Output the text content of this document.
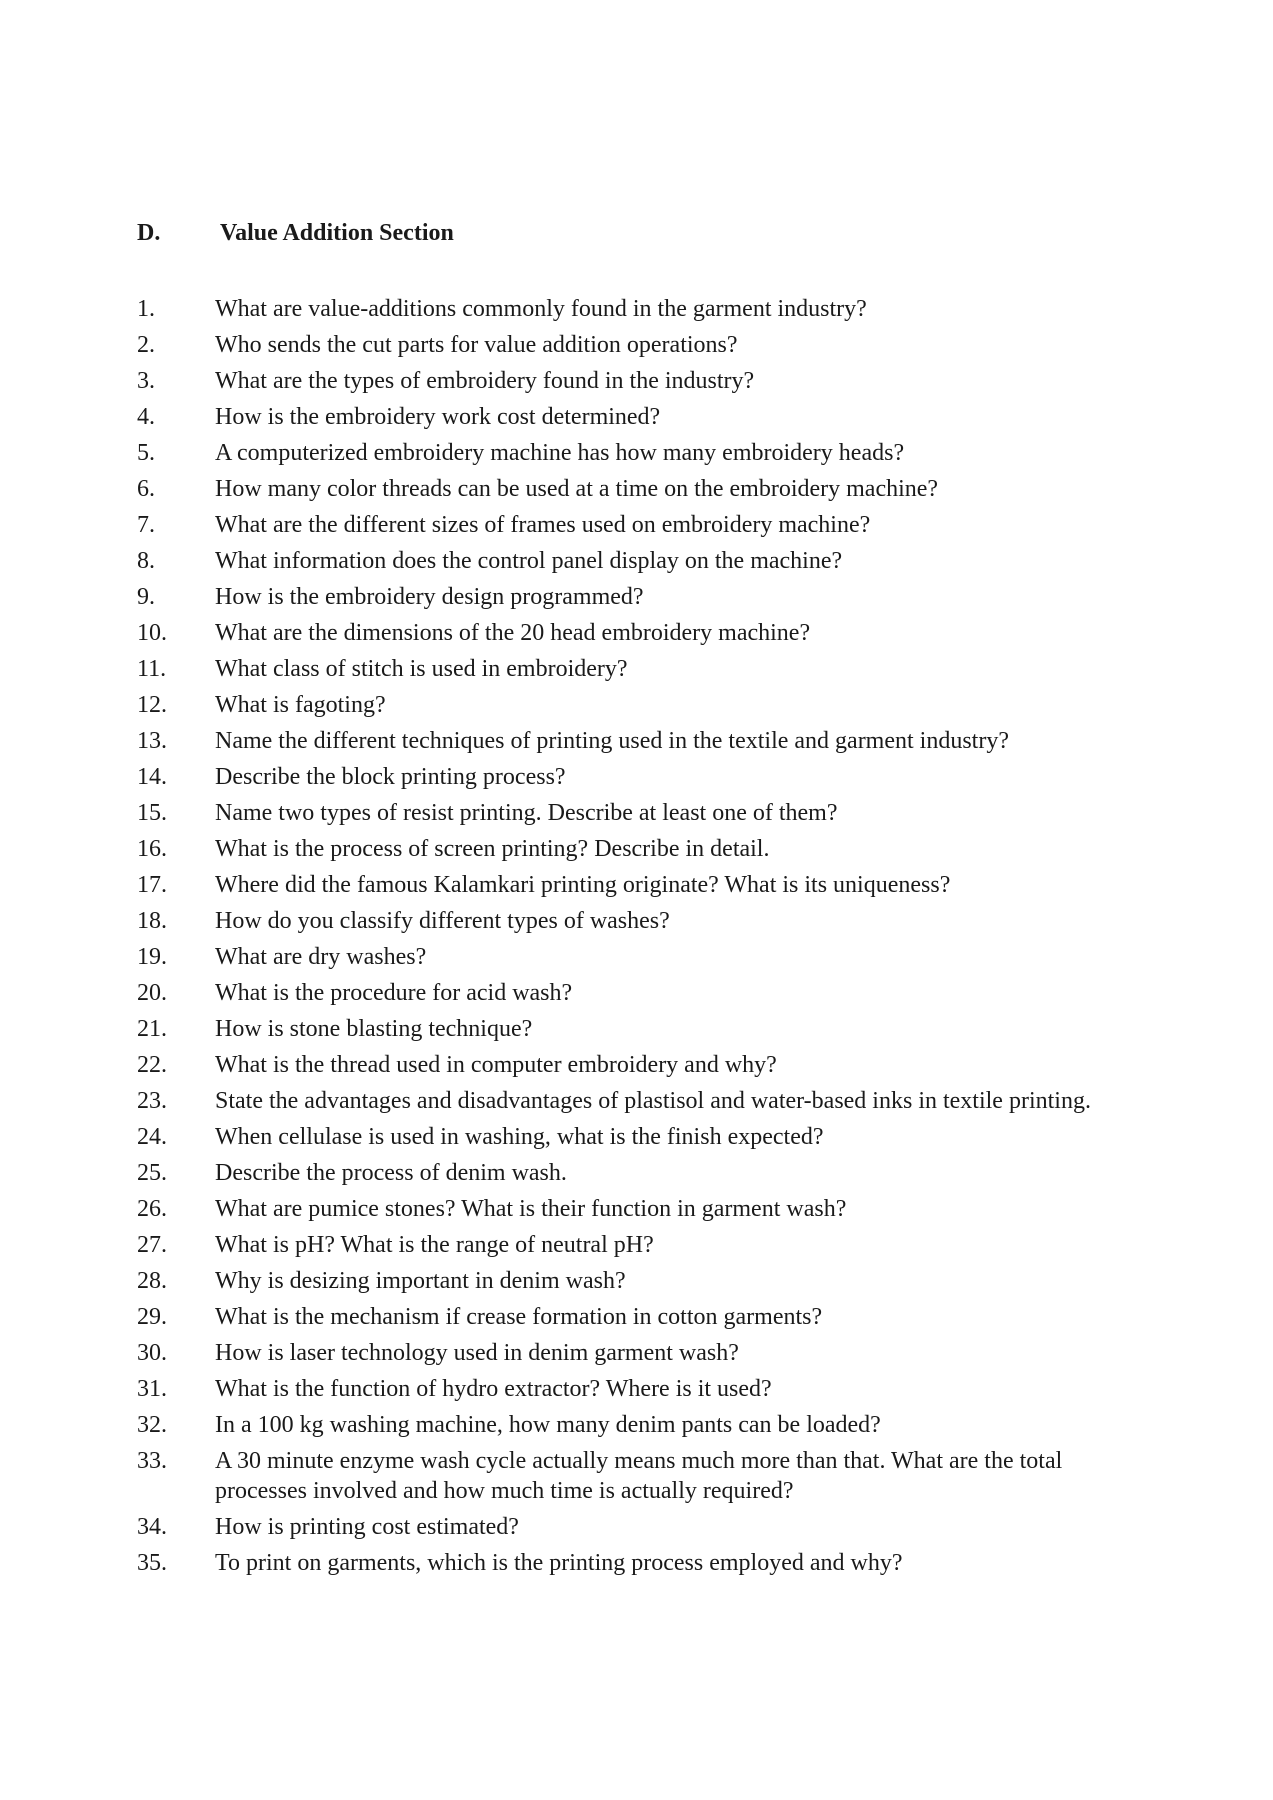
D. Value Addition Section
1.	What are value-additions commonly found in the garment industry?
2.	Who sends the cut parts for value addition operations?
3.	What are the types of embroidery found in the industry?
4.	How is the embroidery work cost determined?
5.	A computerized embroidery machine has how many embroidery heads?
6.	How many color threads can be used at a time on the embroidery machine?
7.	What are the different sizes of frames used on embroidery machine?
8.	What information does the control panel display on the machine?
9.	How is the embroidery design programmed?
10.	What are the dimensions of the 20 head embroidery machine?
11.	What class of stitch is used in embroidery?
12.	What is fagoting?
13.	Name the different techniques of printing used in the textile and garment industry?
14.	Describe the block printing process?
15.	Name two types of resist printing. Describe at least one of them?
16.	What is the process of screen printing? Describe in detail.
17.	Where did the famous Kalamkari printing originate? What is its uniqueness?
18.	How do you classify different types of washes?
19.	What are dry washes?
20.	What is the procedure for acid wash?
21.	How is stone blasting technique?
22.	What is the thread used in computer embroidery and why?
23.	State the advantages and disadvantages of plastisol and water-based inks in textile printing.
24.	When cellulase is used in washing, what is the finish expected?
25.	Describe the process of denim wash.
26.	What are pumice stones? What is their function in garment wash?
27.	What is pH? What is the range of neutral pH?
28.	Why is desizing important in denim wash?
29.	What is the mechanism if crease formation in cotton garments?
30.	How is laser technology used in denim garment wash?
31.	What is the function of hydro extractor? Where is it used?
32.	In a 100 kg washing machine, how many denim pants can be loaded?
33.	A 30 minute enzyme wash cycle actually means much more than that. What are the total processes involved and how much time is actually required?
34.	How is printing cost estimated?
35.	To print on garments, which is the printing process employed and why?
